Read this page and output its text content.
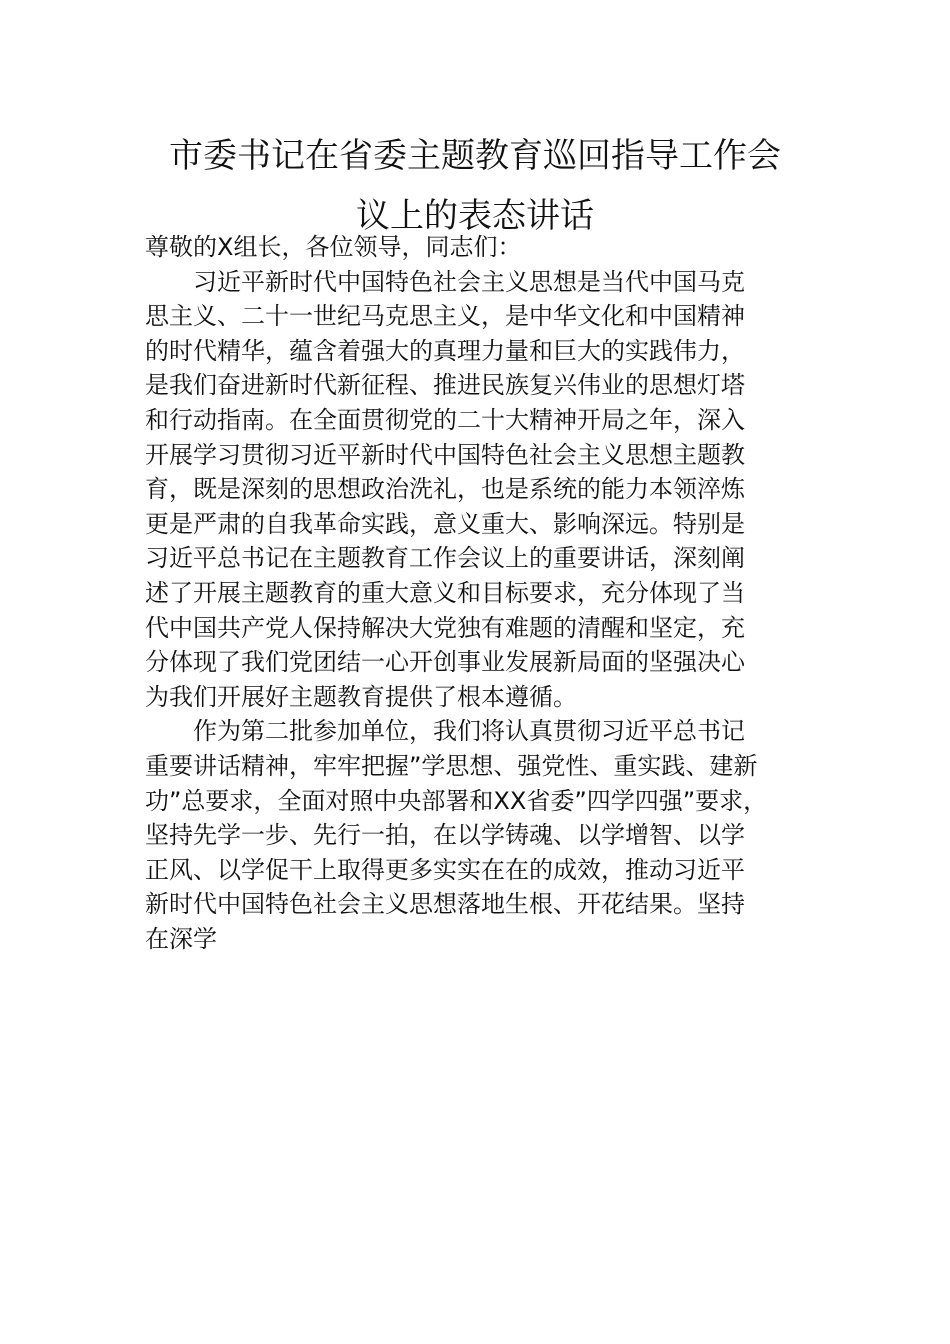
市委书记在省委主题教育巡回指导工作会
议上的表态讲话
尊敬的X组长，各位领导，同志们：
习近平新时代中国特色社会主义思想是当代中国马克
思主义、二十一世纪马克思主义，是中华文化和中国精神
的时代精华，蕴含着强大的真理力量和巨大的实践伟力，
是我们奋进新时代新征程、推进民族复兴伟业的思想灯塔
和行动指南。在全面贯彻党的二十大精神开局之年，深入
开展学习贯彻习近平新时代中国特色社会主义思想主题教
育，既是深刻的思想政治洗礼，也是系统的能力本领淬炼
更是严肃的自我革命实践，意义重大、影响深远。特别是
习近平总书记在主题教育工作会议上的重要讲话，深刻阐
述了开展主题教育的重大意义和目标要求，充分体现了当
代中国共产党人保持解决大党独有难题的清醒和坚定，充
分体现了我们党团结一心开创事业发展新局面的坚强决心
为我们开展好主题教育提供了根本遵循。
作为第二批参加单位，我们将认真贯彻习近平总书记
重要讲话精神，牢牢把握”学思想、强党性、重实践、建新
功”总要求，全面对照中央部署和XX省委”四学四强”要求，
坚持先学一步、先行一拍，在以学铸魂、以学增智、以学
正风、以学促干上取得更多实实在在的成效，推动习近平
新时代中国特色社会主义思想落地生根、开花结果。坚持
在深学
